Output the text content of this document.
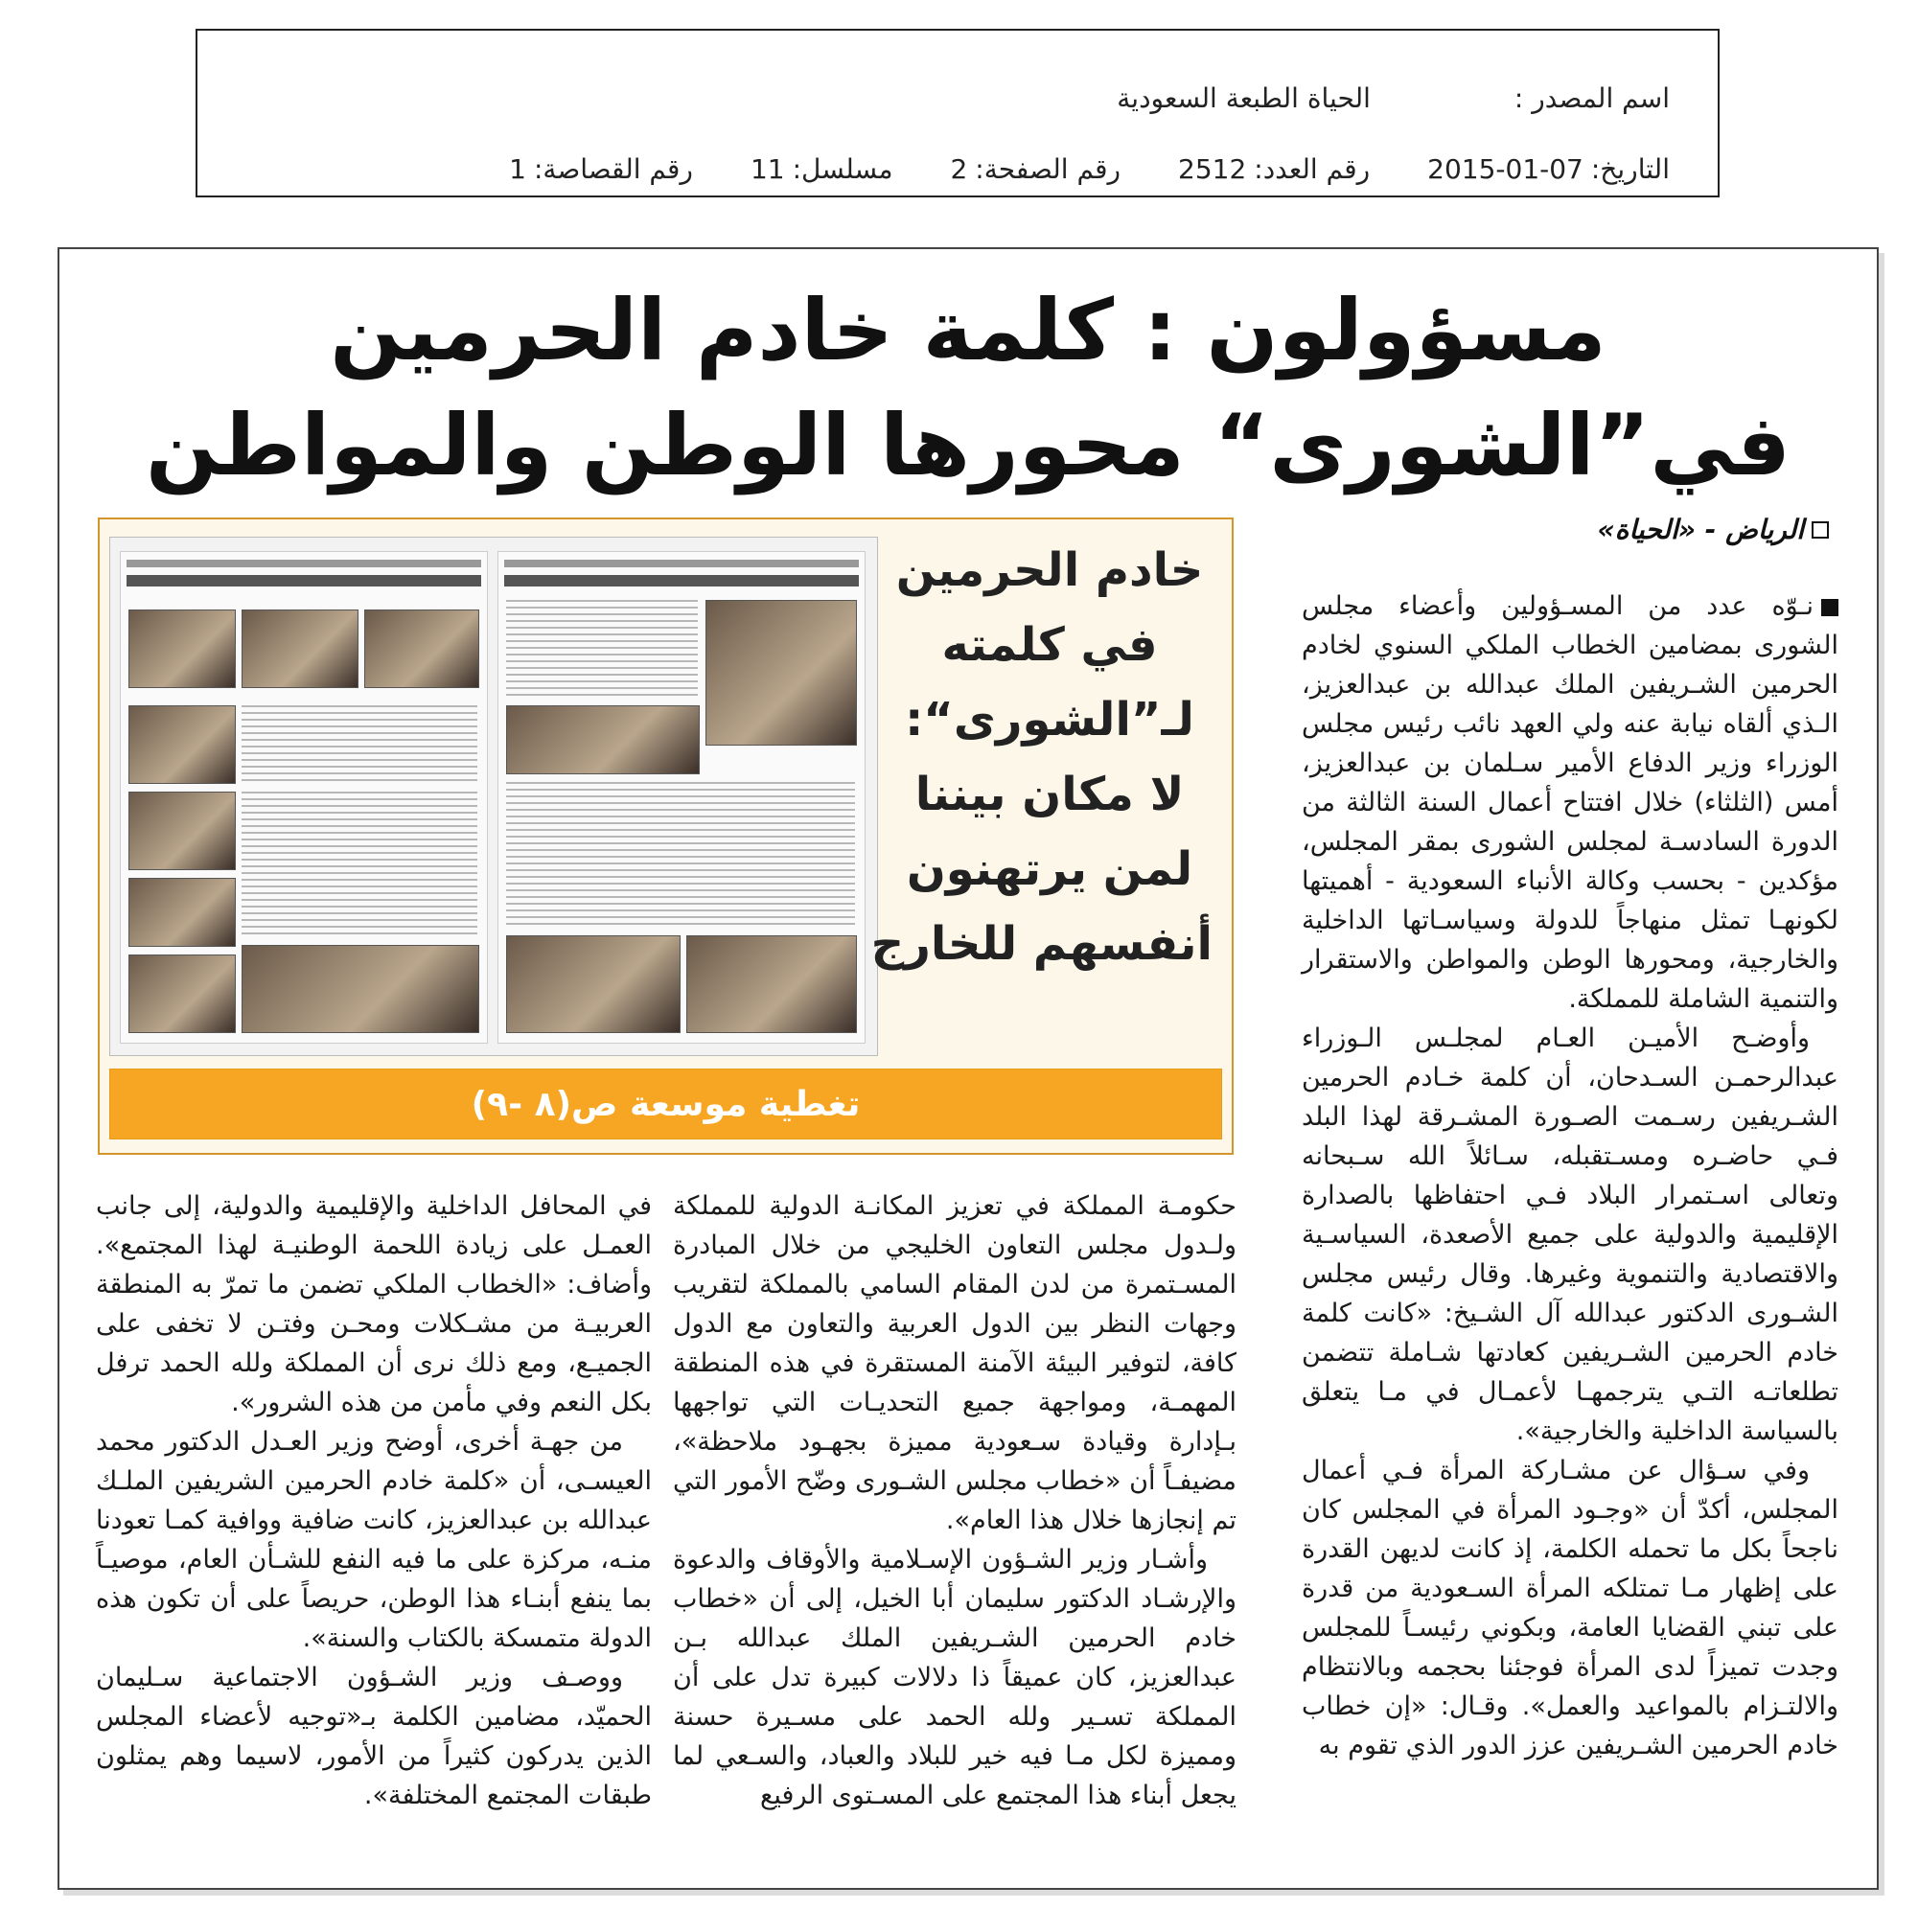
اسم المصدر :
الحياة الطبعة السعودية
التاريخ:
2015-01-07
رقم العدد:
2512
رقم الصفحة:
2
مسلسل:
11
رقم القصاصة:
1
مسؤولون : كلمة خادم الحرمين
في”الشورى“ محورها الوطن والمواطن
الرياض - «الحياة»
خادم الحرمين
في كلمته
لـ”الشورى“:
لا مكان بيننا
لمن يرتهنون
أنفسهم للخارج
تغطية موسعة ص(٨ -٩)

نـوّه عدد من المسـؤولين وأعضاء مجلس الشورى بمضامين الخطاب الملكي السنوي لخادم الحرمين الشـريفين الملك عبدالله بن عبدالعزيز، الـذي ألقاه نيابة عنه ولي العهد نائب رئيس مجلس الوزراء وزير الدفاع الأمير سـلمان بن عبدالعزيز، أمس (الثلثاء) خلال افتتاح أعمال السنة الثالثة من الدورة السادسـة لمجلس الشورى بمقر المجلس، مؤكدين - بحسب وكالة الأنباء السعودية - أهميتها لكونهـا تمثل منهاجاً للدولة وسياسـاتها الداخلية والخارجية، ومحورها الوطن والمواطن والاستقرار والتنمية الشاملة للمملكة.

وأوضـح الأميـن العـام لمجلـس الـوزراء عبدالرحمـن السـدحان، أن كلمة خـادم الحرمين الشـريفين رسـمت الصـورة المشـرقة لهذا البلد فـي حاضـره ومسـتقبله، سـائلاً الله سـبحانه وتعالى اسـتمرار البلاد فـي احتفاظها بالصدارة الإقليمية والدولية على جميع الأصعدة، السياسـية والاقتصادية والتنموية وغيرها. وقال رئيس مجلس الشـورى الدكتور عبدالله آل الشـيخ: «كانت كلمة خادم الحرمين الشـريفين كعادتها شـاملة تتضمن تطلعاتـه التـي يترجمهـا لأعمـال في مـا يتعلق بالسياسة الداخلية والخارجية».

وفي سـؤال عن مشـاركة المرأة فـي أعمال المجلس، أكدّ أن «وجـود المرأة في المجلس كان ناجحاً بكل ما تحمله الكلمة، إذ كانت لديهن القدرة على إظهار مـا تمتلكه المرأة السـعودية من قدرة على تبني القضايا العامة، وبكوني رئيسـاً للمجلس وجدت تميزاً لدى المرأة فوجئنا بحجمه وبالانتظام والالتـزام بالمواعيد والعمل». وقـال: «إن خطاب خادم الحرمين الشـريفين عزز الدور الذي تقوم به

حكومـة المملكة في تعزيز المكانـة الدولية للمملكة ولـدول مجلس التعاون الخليجي من خلال المبادرة المسـتمرة من لدن المقام السامي بالمملكة لتقريب وجهات النظر بين الدول العربية والتعاون مع الدول كافة، لتوفير البيئة الآمنة المستقرة في هذه المنطقة المهمـة، ومواجهة جميع التحديـات التي تواجهها بـإدارة وقيادة سـعودية مميزة بجهـود ملاحظة»، مضيفـاً أن «خطاب مجلس الشـورى وضّح الأمور التي تم إنجازها خلال هذا العام».

وأشـار وزير الشـؤون الإسـلامية والأوقاف والدعوة والإرشـاد الدكتور سليمان أبا الخيل، إلى أن «خطاب خادم الحرمين الشـريفين الملك عبدالله بـن عبدالعزيز، كان عميقاً ذا دلالات كبيرة تدل على أن المملكة تسـير ولله الحمد على مسـيرة حسنة ومميزة لكل مـا فيه خير للبلاد والعباد، والسـعي لما يجعل أبناء هذا المجتمع على المسـتوى الرفيع

في المحافل الداخلية والإقليمية والدولية، إلى جانب العمـل على زيادة اللحمة الوطنيـة لهذا المجتمع». وأضاف: «الخطاب الملكي تضمن ما تمرّ به المنطقة العربيـة من مشـكلات ومحـن وفتـن لا تخفى على الجميـع، ومع ذلك نرى أن المملكة ولله الحمد ترفل بكل النعم وفي مأمن من هذه الشرور».

من جهـة أخرى، أوضح وزير العـدل الدكتور محمد العيسـى، أن «كلمة خادم الحرمين الشريفين الملـك عبدالله بن عبدالعزيز، كانت ضافية ووافية كمـا تعودنا منـه، مركزة على ما فيه النفع للشـأن العام، موصيـاً بما ينفع أبنـاء هذا الوطن، حريصاً على أن تكون هذه الدولة متمسكة بالكتاب والسنة».

ووصـف وزير الشـؤون الاجتماعية سـليمان الحميّد، مضامين الكلمة بـ«توجيه لأعضاء المجلس الذين يدركون كثيراً من الأمور، لاسيما وهم يمثلون طبقات المجتمع المختلفة».
